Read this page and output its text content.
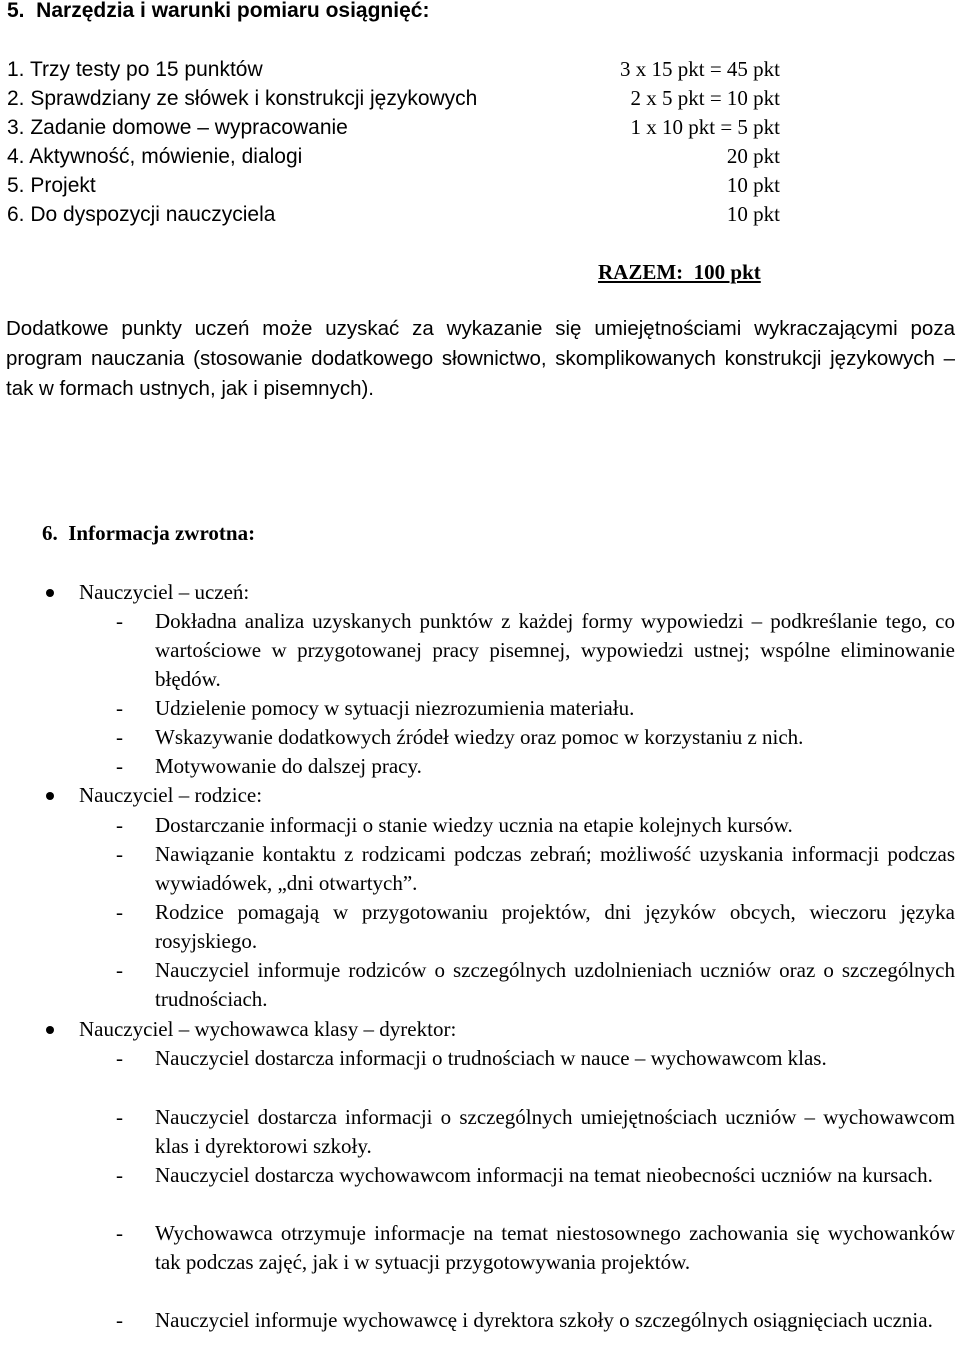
5.  Narzędzia i warunki pomiaru osiągnięć:
1. Trzy testy po 15 punktów	3 x 15 pkt = 45 pkt
2. Sprawdziany ze słówek i konstrukcji językowych	2 x 5 pkt = 10 pkt
3. Zadanie domowe – wypracowanie	1 x 10 pkt = 5 pkt
4. Aktywność, mówienie, dialogi	20 pkt
5. Projekt	10 pkt
6. Do dyspozycji nauczyciela	10 pkt
RAZEM:  100 pkt
Dodatkowe punkty uczeń może uzyskać za wykazanie się umiejętnościami wykraczającymi poza program nauczania (stosowanie dodatkowego słownictwo, skomplikowanych konstrukcji językowych – tak w formach ustnych, jak i pisemnych).
6.  Informacja zwrotna:
Nauczyciel – uczeń:
- Dokładna analiza uzyskanych punktów z każdej formy wypowiedzi – podkreślanie tego, co wartościowe w przygotowanej pracy pisemnej, wypowiedzi ustnej; wspólne eliminowanie błędów.
- Udzielenie pomocy w sytuacji niezrozumienia materiału.
- Wskazywanie dodatkowych źródeł wiedzy oraz pomoc w korzystaniu z nich.
- Motywowanie do dalszej pracy.
Nauczyciel – rodzice:
- Dostarczanie informacji o stanie wiedzy ucznia na etapie kolejnych kursów.
- Nawiązanie kontaktu z rodzicami podczas zebrań; możliwość uzyskania informacji podczas wywiadówek, „dni otwartych”.
- Rodzice pomagają w przygotowaniu projektów, dni języków obcych, wieczoru języka rosyjskiego.
- Nauczyciel informuje rodziców o szczególnych uzdolnieniach uczniów oraz o szczególnych trudnościach.
Nauczyciel – wychowawca klasy – dyrektor:
- Nauczyciel dostarcza informacji o trudnościach w nauce – wychowawcom klas.
- Nauczyciel dostarcza informacji o szczególnych umiejętnościach uczniów – wychowawcom klas i dyrektorowi szkoły.
- Nauczyciel dostarcza wychowawcom informacji na temat nieobecności uczniów na kursach.
- Wychowawca otrzymuje informacje na temat niestosownego zachowania się wychowanków tak podczas zajęć, jak i w sytuacji przygotowywania projektów.
- Nauczyciel informuje wychowawcę i dyrektora szkoły o szczególnych osiągnięciach ucznia.
